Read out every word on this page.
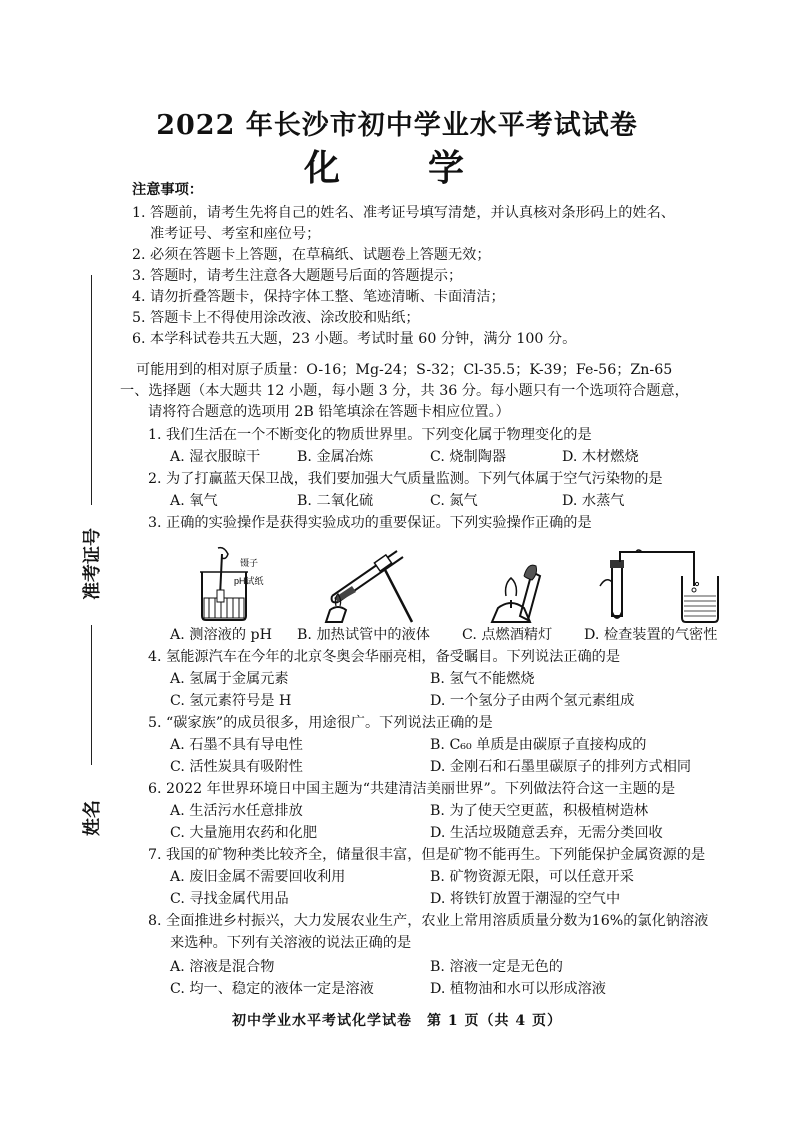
2022 年长沙市初中学业水平考试试卷
化　学
准考证号
姓名
注意事项：
1. 答题前，请考生先将自己的姓名、准考证号填写清楚，并认真核对条形码上的姓名、
准考证号、考室和座位号；
2. 必须在答题卡上答题，在草稿纸、试题卷上答题无效；
3. 答题时，请考生注意各大题题号后面的答题提示；
4. 请勿折叠答题卡，保持字体工整、笔迹清晰、卡面清洁；
5. 答题卡上不得使用涂改液、涂改胶和贴纸；
6. 本学科试卷共五大题，23 小题。考试时量 60 分钟，满分 100 分。
可能用到的相对原子质量：O-16；Mg-24；S-32；Cl-35.5；K-39；Fe-56；Zn-65
一、选择题（本大题共 12 小题，每小题 3 分，共 36 分。每小题只有一个选项符合题意，
请将符合题意的选项用 2B 铅笔填涂在答题卡相应位置。）
1. 我们生活在一个不断变化的物质世界里。下列变化属于物理变化的是
A. 湿衣服晾干	B. 金属冶炼	C. 烧制陶器	D. 木材燃烧
2. 为了打赢蓝天保卫战，我们要加强大气质量监测。下列气体属于空气污染物的是
A. 氧气	B. 二氧化硫	C. 氮气	D. 水蒸气
3. 正确的实验操作是获得实验成功的重要保证。下列实验操作正确的是
镊子
pH试纸
A. 测溶液的 pH B. 加热试管中的液体 C. 点燃酒精灯 D. 检查装置的气密性
4. 氢能源汽车在今年的北京冬奥会华丽亮相，备受瞩目。下列说法正确的是
A. 氢属于金属元素	B. 氢气不能燃烧
C. 氢元素符号是 H	D. 一个氢分子由两个氢元素组成
5. “碳家族”的成员很多，用途很广。下列说法正确的是
A. 石墨不具有导电性	B. C₆₀ 单质是由碳原子直接构成的
C. 活性炭具有吸附性	D. 金刚石和石墨里碳原子的排列方式相同
6. 2022 年世界环境日中国主题为“共建清洁美丽世界”。下列做法符合这一主题的是
A. 生活污水任意排放	B. 为了使天空更蓝，积极植树造林
C. 大量施用农药和化肥	D. 生活垃圾随意丢弃，无需分类回收
7. 我国的矿物种类比较齐全，储量很丰富，但是矿物不能再生。下列能保护金属资源的是
A. 废旧金属不需要回收利用	B. 矿物资源无限，可以任意开采
C. 寻找金属代用品	D. 将铁钉放置于潮湿的空气中
8. 全面推进乡村振兴，大力发展农业生产，农业上常用溶质质量分数为16%的氯化钠溶液
来选种。下列有关溶液的说法正确的是
A. 溶液是混合物	B. 溶液一定是无色的
C. 均一、稳定的液体一定是溶液	D. 植物油和水可以形成溶液
初中学业水平考试化学试卷　第 1 页（共 4 页）
